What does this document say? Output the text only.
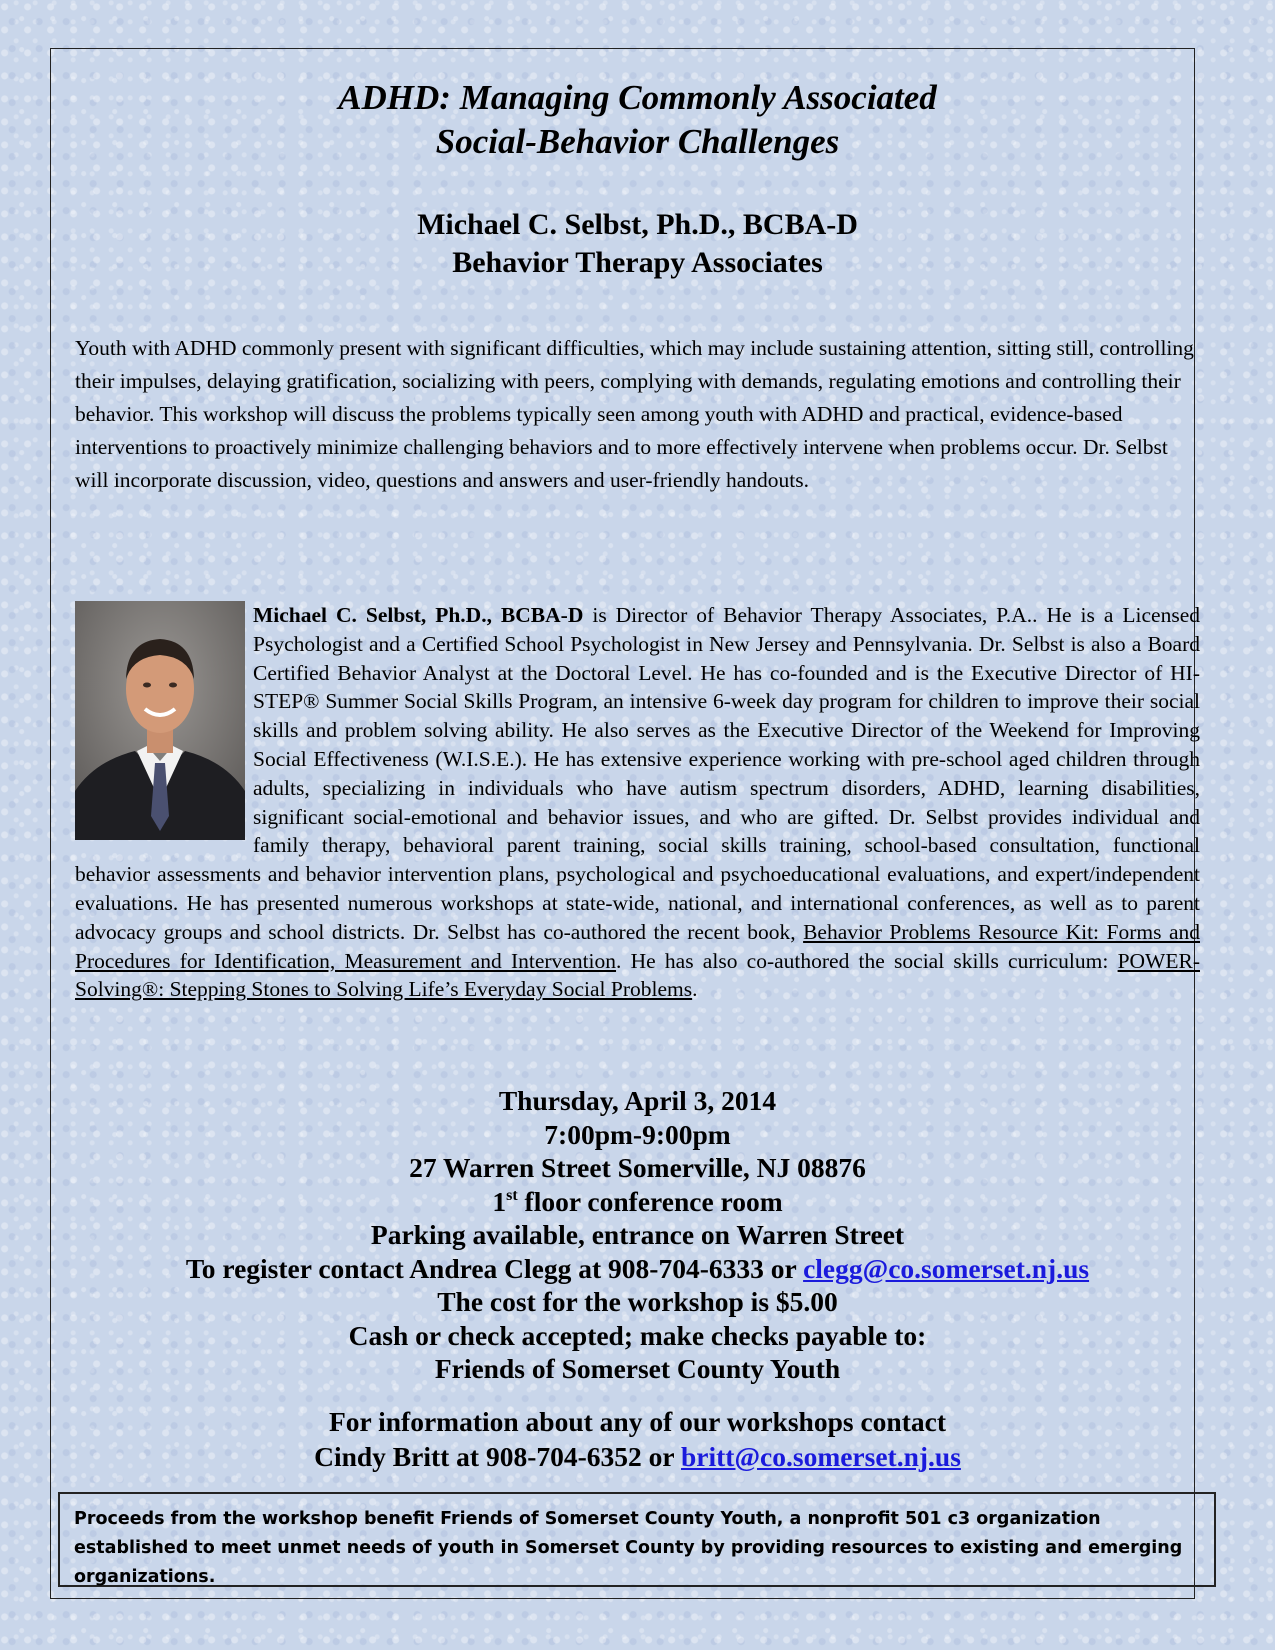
ADHD: Managing Commonly Associated
Social-Behavior Challenges
Michael C. Selbst, Ph.D., BCBA-D
Behavior Therapy Associates
Youth with ADHD commonly present with significant difficulties, which may include sustaining attention, sitting still, controlling their impulses, delaying gratification, socializing with peers, complying with demands, regulating emotions and controlling their behavior. This workshop will discuss the problems typically seen among youth with ADHD and practical, evidence-based interventions to proactively minimize challenging behaviors and to more effectively intervene when problems occur. Dr. Selbst will incorporate discussion, video, questions and answers and user-friendly handouts.
Michael C. Selbst, Ph.D., BCBA-D is Director of Behavior Therapy Associates, P.A.. He is a Licensed Psychologist and a Certified School Psychologist in New Jersey and Pennsylvania. Dr. Selbst is also a Board Certified Behavior Analyst at the Doctoral Level. He has co-founded and is the Executive Director of HI-STEP® Summer Social Skills Program, an intensive 6-week day program for children to improve their social skills and problem solving ability. He also serves as the Executive Director of the Weekend for Improving Social Effectiveness (W.I.S.E.). He has extensive experience working with pre-school aged children through adults, specializing in individuals who have autism spectrum disorders, ADHD, learning disabilities, significant social-emotional and behavior issues, and who are gifted. Dr. Selbst provides individual and family therapy, behavioral parent training, social skills training, school-based consultation, functional behavior assessments and behavior intervention plans, psychological and psychoeducational evaluations, and expert/independent evaluations. He has presented numerous workshops at state-wide, national, and international conferences, as well as to parent advocacy groups and school districts. Dr. Selbst has co-authored the recent book, Behavior Problems Resource Kit: Forms and Procedures for Identification, Measurement and Intervention. He has also co-authored the social skills curriculum: POWER-Solving®: Stepping Stones to Solving Life’s Everyday Social Problems.
Thursday, April 3, 2014
7:00pm-9:00pm
27 Warren Street Somerville, NJ 08876
1st floor conference room
Parking available, entrance on Warren Street
To register contact Andrea Clegg at 908-704-6333 or clegg@co.somerset.nj.us
The cost for the workshop is $5.00
Cash or check accepted; make checks payable to:
Friends of Somerset County Youth
For information about any of our workshops contact
Cindy Britt at 908-704-6352 or britt@co.somerset.nj.us
Proceeds from the workshop benefit Friends of Somerset County Youth, a nonprofit 501 c3 organization established to meet unmet needs of youth in Somerset County by providing resources to existing and emerging organizations.
